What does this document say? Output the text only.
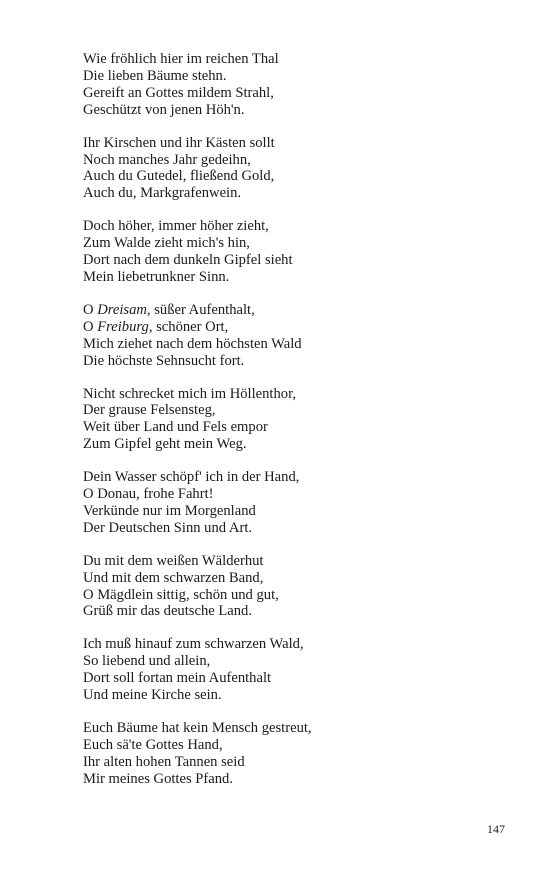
Wie fröhlich hier im reichen Thal
Die lieben Bäume stehn.
Gereift an Gottes mildem Strahl,
Geschützt von jenen Höh'n.
Ihr Kirschen und ihr Kästen sollt
Noch manches Jahr gedeihn,
Auch du Gutedel, fließend Gold,
Auch du, Markgrafenwein.
Doch höher, immer höher zieht,
Zum Walde zieht mich's hin,
Dort nach dem dunkeln Gipfel sieht
Mein liebetrunkner Sinn.
O Dreisam, süßer Aufenthalt,
O Freiburg, schöner Ort,
Mich ziehet nach dem höchsten Wald
Die höchste Sehnsucht fort.
Nicht schrecket mich im Höllenthor,
Der grause Felsensteg,
Weit über Land und Fels empor
Zum Gipfel geht mein Weg.
Dein Wasser schöpf' ich in der Hand,
O Donau, frohe Fahrt!
Verkünde nur im Morgenland
Der Deutschen Sinn und Art.
Du mit dem weißen Wälderhut
Und mit dem schwarzen Band,
O Mägdlein sittig, schön und gut,
Grüß mir das deutsche Land.
Ich muß hinauf zum schwarzen Wald,
So liebend und allein,
Dort soll fortan mein Aufenthalt
Und meine Kirche sein.
Euch Bäume hat kein Mensch gestreut,
Euch sä'te Gottes Hand,
Ihr alten hohen Tannen seid
Mir meines Gottes Pfand.
147
